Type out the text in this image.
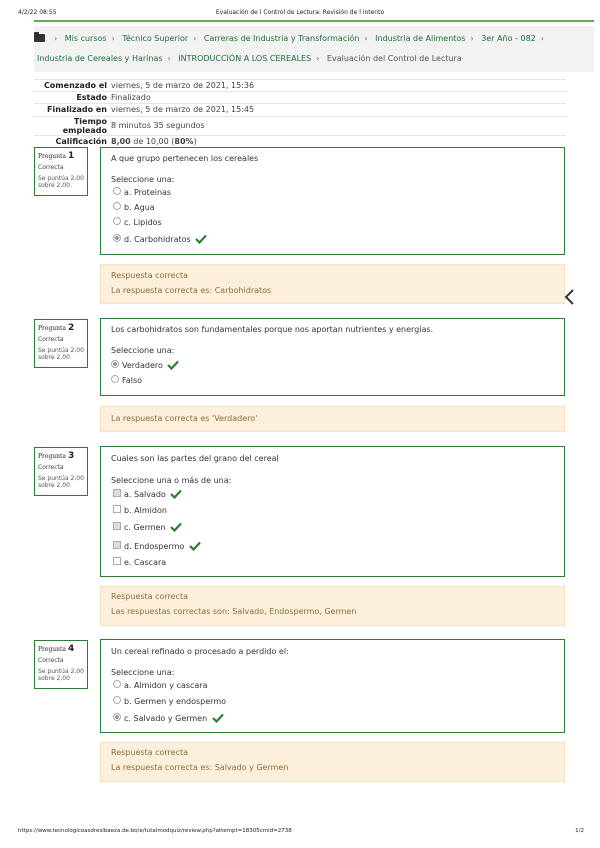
4/2/22 08:55	Evaluación de l Control de Lectura: Revisión de l intento
› Mis cursos › Técnico Superior › Carreras de Industria y Transformación › Industria de Alimentos › 3er Año - 082 ›
Industria de Cereales y Harinas › INTRODUCCIÓN A LOS CEREALES › Evaluación del Control de Lectura
Comenzado el	viernes, 5 de marzo de 2021, 15:36
Estado	Finalizado
Finalizado en	viernes, 5 de marzo de 2021, 15:45
Tiempo empleado	8 minutos 35 segundos
Calificación	8,00 de 10,00 (80%)
Pregunta 1
Correcta
Se puntúa 2,00
sobre 2,00
A que grupo pertenecen los cereales
Seleccione una:
a. Proteinas
b. Agua
c. Lipidos
d. Carbohidratos
Respuesta correcta
La respuesta correcta es: Carbohidratos
Pregunta 2
Correcta
Se puntúa 2,00
sobre 2,00
Los carbohidratos son fundamentales porque nos aportan nutrientes y energías.
Seleccione una:
Verdadero
Falso
La respuesta correcta es 'Verdadero'
Pregunta 3
Correcta
Se puntúa 2,00
sobre 2,00
Cuales son las partes del grano del cereal
Seleccione una o más de una:
a. Salvado
b. Almidon
c. Germen
d. Endospermo
e. Cascara
Respuesta correcta
Las respuestas correctas son: Salvado, Endospermo, Germen
Pregunta 4
Correcta
Se puntúa 2,00
sobre 2,00
Un cereal refinado o procesado a perdido el:
Seleccione una:
a. Almidon y cascara
b. Germen y endospermo
c. Salvado y Germen
Respuesta correcta
La respuesta correcta es: Salvado y Germen
https://www.tecnologicoasdreslbaeza.de.bo/e/tutalmodquiz/review.php?attempt=18305cmid=2738	1/2
